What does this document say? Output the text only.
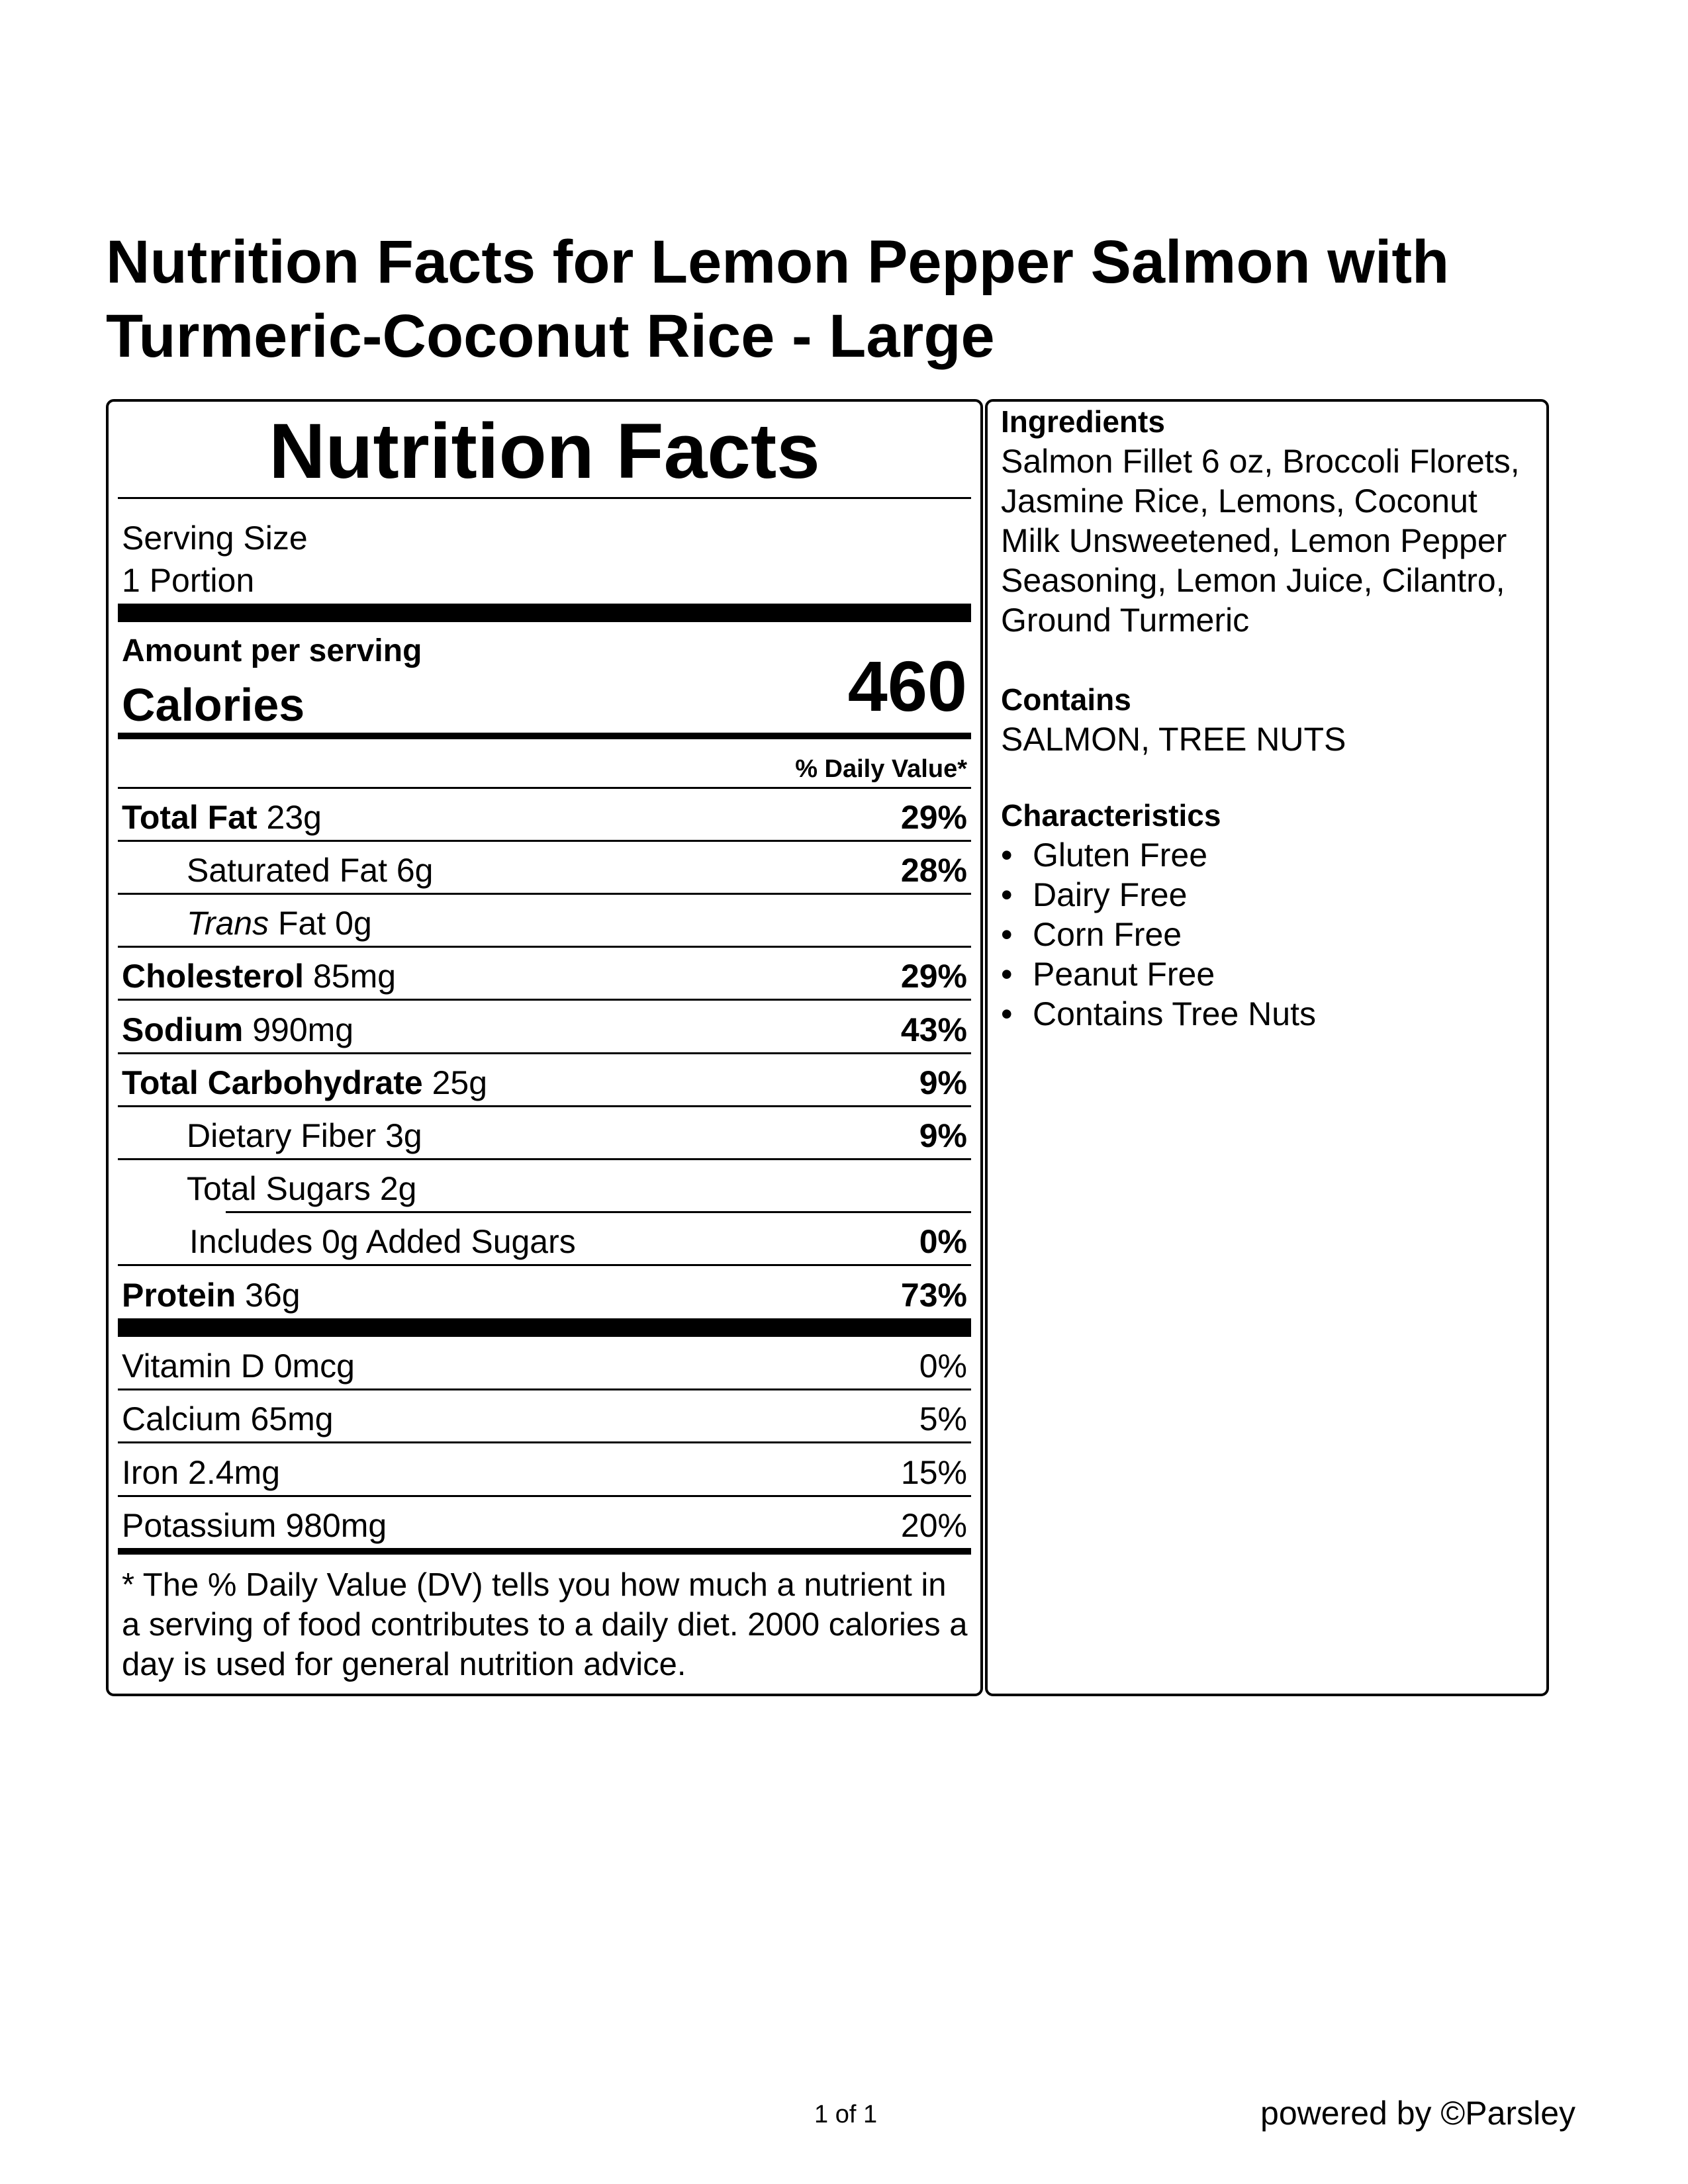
Nutrition Facts for Lemon Pepper Salmon with Turmeric-Coconut Rice - Large
Nutrition Facts
Serving Size
1 Portion
Amount per serving
Calories	460
% Daily Value*
Total Fat 23g	29%
Saturated Fat 6g	28%
Trans Fat 0g
Cholesterol 85mg	29%
Sodium 990mg	43%
Total Carbohydrate 25g	9%
Dietary Fiber 3g	9%
Total Sugars 2g
Includes 0g Added Sugars	0%
Protein 36g	73%
Vitamin D 0mcg	0%
Calcium 65mg	5%
Iron 2.4mg	15%
Potassium 980mg	20%
* The % Daily Value (DV) tells you how much a nutrient in a serving of food contributes to a daily diet. 2000 calories a day is used for general nutrition advice.
Ingredients
Salmon Fillet 6 oz, Broccoli Florets, Jasmine Rice, Lemons, Coconut Milk Unsweetened, Lemon Pepper Seasoning, Lemon Juice, Cilantro, Ground Turmeric
Contains
SALMON, TREE NUTS
Characteristics
• Gluten Free
• Dairy Free
• Corn Free
• Peanut Free
• Contains Tree Nuts
1 of 1	powered by ©Parsley
